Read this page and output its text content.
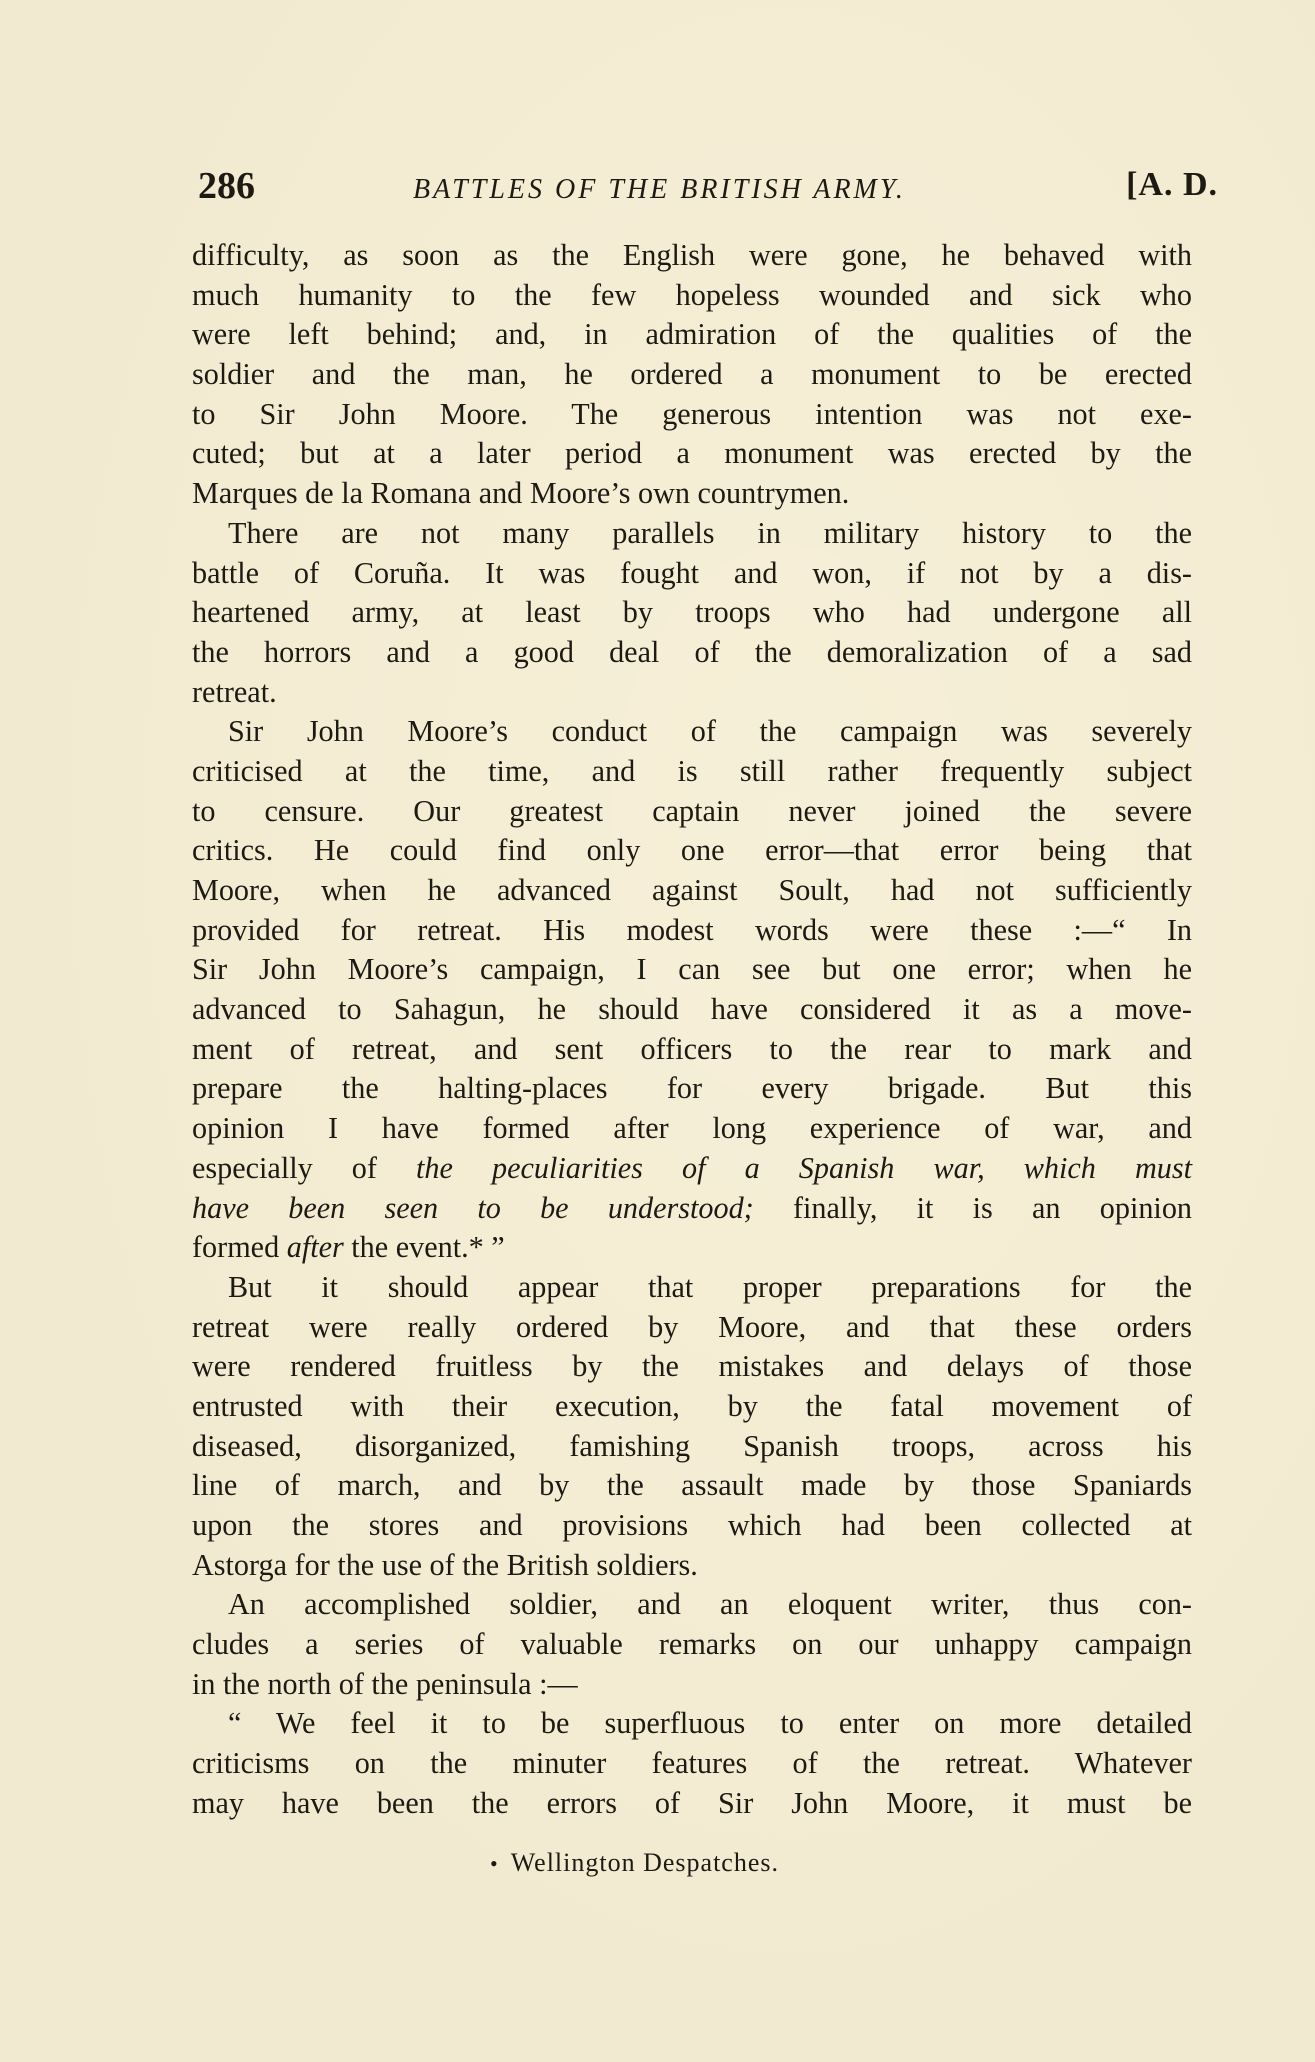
286	BATTLES OF THE BRITISH ARMY.	[A. D.
difficulty, as soon as the English were gone, he behaved with
much humanity to the few hopeless wounded and sick who
were left behind; and, in admiration of the qualities of the
soldier and the man, he ordered a monument to be erected
to Sir John Moore. The generous intention was not exe-
cuted; but at a later period a monument was erected by the
Marques de la Romana and Moore’s own countrymen.
There are not many parallels in military history to the
battle of Coruña. It was fought and won, if not by a dis-
heartened army, at least by troops who had undergone all
the horrors and a good deal of the demoralization of a sad
retreat.
Sir John Moore’s conduct of the campaign was severely
criticised at the time, and is still rather frequently subject
to censure. Our greatest captain never joined the severe
critics. He could find only one error—that error being that
Moore, when he advanced against Soult, had not sufficiently
provided for retreat. His modest words were these :—“ In
Sir John Moore’s campaign, I can see but one error; when he
advanced to Sahagun, he should have considered it as a move-
ment of retreat, and sent officers to the rear to mark and
prepare the halting-places for every brigade. But this
opinion I have formed after long experience of war, and
especially of the peculiarities of a Spanish war, which must
have been seen to be understood; finally, it is an opinion
formed after the event.* ”
But it should appear that proper preparations for the
retreat were really ordered by Moore, and that these orders
were rendered fruitless by the mistakes and delays of those
entrusted with their execution, by the fatal movement of
diseased, disorganized, famishing Spanish troops, across his
line of march, and by the assault made by those Spaniards
upon the stores and provisions which had been collected at
Astorga for the use of the British soldiers.
An accomplished soldier, and an eloquent writer, thus con-
cludes a series of valuable remarks on our unhappy campaign
in the north of the peninsula :—
“ We feel it to be superfluous to enter on more detailed
criticisms on the minuter features of the retreat. Whatever
may have been the errors of Sir John Moore, it must be
• Wellington Despatches.
